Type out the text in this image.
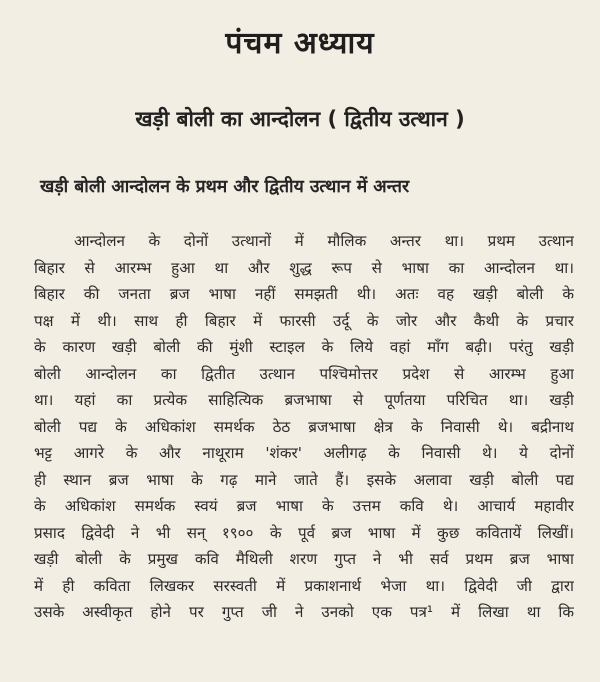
पंचम अध्याय
खड़ी बोली का आन्दोलन ( द्वितीय उत्थान )
खड़ी बोली आन्दोलन के प्रथम और द्वितीय उत्थान में अन्तर
आन्दोलन के दोनों उत्थानों में मौलिक अन्तर था। प्रथम उत्थान
बिहार से आरम्भ हुआ था और शुद्ध रूप से भाषा का आन्दोलन था।
बिहार की जनता ब्रज भाषा नहीं समझती थी। अतः वह खड़ी बोली के
पक्ष में थी। साथ ही बिहार में फारसी उर्दू के जोर और कैथी के प्रचार
के कारण खड़ी बोली की मुंशी स्टाइल के लिये वहां माँग बढ़ी। परंतु खड़ी
बोली आन्दोलन का द्वितीत उत्थान पश्चिमोत्तर प्रदेश से आरम्भ हुआ
था। यहां का प्रत्येक साहित्यिक ब्रजभाषा से पूर्णतया परिचित था। खड़ी
बोली पद्य के अधिकांश समर्थक ठेठ ब्रजभाषा क्षेत्र के निवासी थे। बद्रीनाथ
भट्ट आगरे के और नाथूराम 'शंकर' अलीगढ़ के निवासी थे। ये दोनों
ही स्थान ब्रज भाषा के गढ़ माने जाते हैं। इसके अलावा खड़ी बोली पद्य
के अधिकांश समर्थक स्वयं ब्रज भाषा के उत्तम कवि थे। आचार्य महावीर
प्रसाद द्विवेदी ने भी सन् १९०० के पूर्व ब्रज भाषा में कुछ कवितायें लिखीं।
खड़ी बोली के प्रमुख कवि मैथिली शरण गुप्त ने भी सर्व प्रथम ब्रज भाषा
में ही कविता लिखकर सरस्वती में प्रकाशनार्थ भेजा था। द्विवेदी जी द्वारा
उसके अस्वीकृत होने पर गुप्त जी ने उनको एक पत्र¹ में लिखा था कि
